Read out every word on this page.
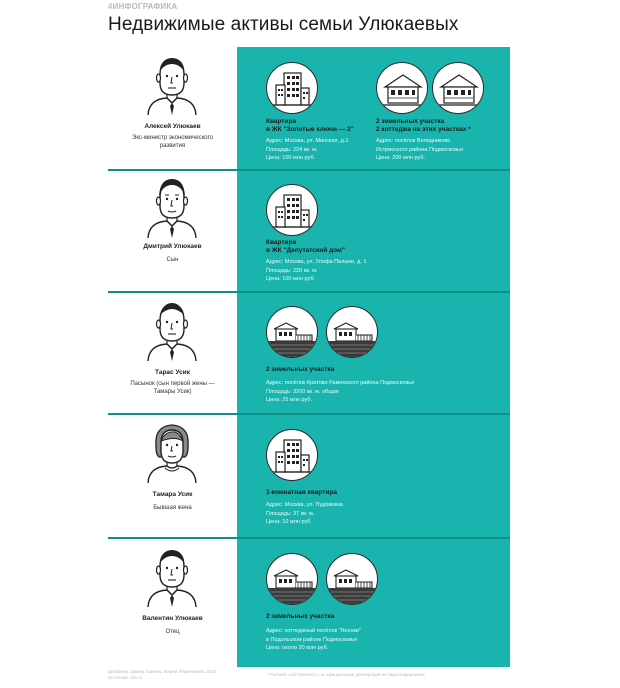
#ИНФОГРАФИКА
Недвижимые активы семьи Улюкаевых
Алексей Улюкаев
Экс-министр экономического развития
Квартира
в ЖК "Золотые ключи — 2"
Адрес: Москва, ул. Минская, д.1
Площадь: 224 кв. м.
Цена: 100 млн руб.
2 земельных участка
2 коттеджа на этих участках *
Адрес: посёлок Веледниково
Истринского района Подмосковья
Цена: 200 млн руб.
Дмитрий Улюкаев
Сын
Квартира
в ЖК "Депутатский дом"
Адрес: Москва, ул. Улофа Пальме, д. 1
Площадь: 220 кв. м.
Цена: 100 млн руб.
Тарас Усик
Пасынок (сын первой жены — Тамары Усик)
2 земельных участка
Адрес: посёлок Кратово Раменского района Подмосковья
Площадь: 3200 кв. м. общая
Цена: 25 млн руб.
Тамара Усик
Бывшая жена
1-комнатная квартира
Адрес: Москва, ул. Пудовкина
Площадь: 37 кв. м.
Цена: 10 млн руб.
Валентин Улюкаев
Отец
2 земельных участка
Адрес: коттеджный посёлок "Ясенки"
в Подольском районе Подмосковья
Цена: около 20 млн руб.
Дизайнер: Дамир Ханиев, Мария Лерменкова, 2016
Источник: Life.ru
* Рыбная собственность на официальное декларации не задекларирована
